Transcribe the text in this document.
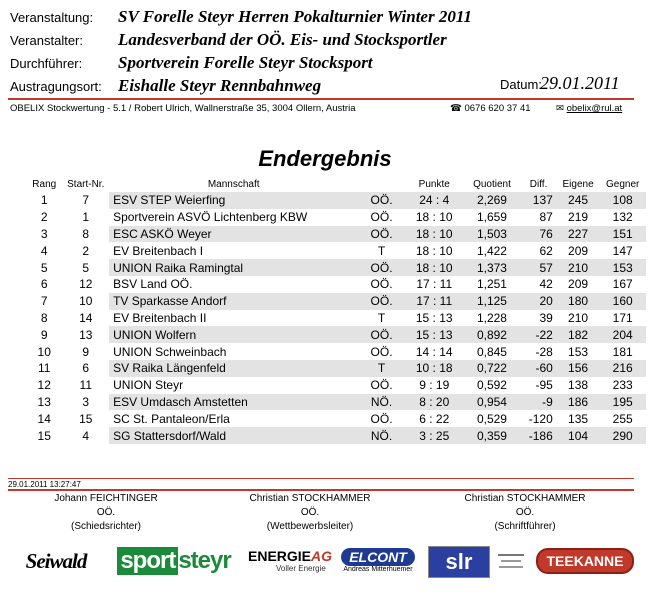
Veranstaltung: SV Forelle Steyr Herren Pokalturnier Winter 2011
Veranstalter: Landesverband der OÖ. Eis- und Stocksportler
Durchführer: Sportverein Forelle Steyr Stocksport
Austragungsort: Eishalle Steyr Rennbahnweg	Datum:
29.01.2011
OBELIX Stockwertung - 5.1 / Robert Ulrich, Wallnerstraße 35, 3004 Ollern, Austria	☎ 0676 620 37 41	✉ obelix@rul.at
Endergebnis
Rang	Start-Nr.	Mannschaft		Punkte	Quotient	Diff.	Eigene	Gegner
1	7	ESV STEP Weierfing	OÖ.	24 : 4	2,269	137	245	108
2	1	Sportverein ASVÖ Lichtenberg KBW	OÖ.	18 : 10	1,659	87	219	132
3	8	ESC ASKÖ Weyer	OÖ.	18 : 10	1,503	76	227	151
4	2	EV Breitenbach I	T	18 : 10	1,422	62	209	147
5	5	UNION Raika Ramingtal	OÖ.	18 : 10	1,373	57	210	153
6	12	BSV Land OÖ.	OÖ.	17 : 11	1,251	42	209	167
7	10	TV Sparkasse Andorf	OÖ.	17 : 11	1,125	20	180	160
8	14	EV Breitenbach II	T	15 : 13	1,228	39	210	171
9	13	UNION Wolfern	OÖ.	15 : 13	0,892	-22	182	204
10	9	UNION Schweinbach	OÖ.	14 : 14	0,845	-28	153	181
11	6	SV Raika Längenfeld	T	10 : 18	0,722	-60	156	216
12	11	UNION Steyr	OÖ.	9 : 19	0,592	-95	138	233
13	3	ESV Umdasch Amstetten	NÖ.	8 : 20	0,954	-9	186	195
14	15	SC St. Pantaleon/Erla	OÖ.	6 : 22	0,529	-120	135	255
15	4	SG Stattersdorf/Wald	NÖ.	3 : 25	0,359	-186	104	290
29.01.2011 13:27:47
Johann FEICHTINGER
OÖ.
(Schiedsrichter)
Christian STOCKHAMMER
OÖ.
(Wettbewerbsleiter)
Christian STOCKHAMMER
OÖ.
(Schriftführer)
Seiwald	sport steyr ENERGIEAG
Voller Energie
ELCONT
Andreas Mitterhuemer	slr	TEEKANNE
